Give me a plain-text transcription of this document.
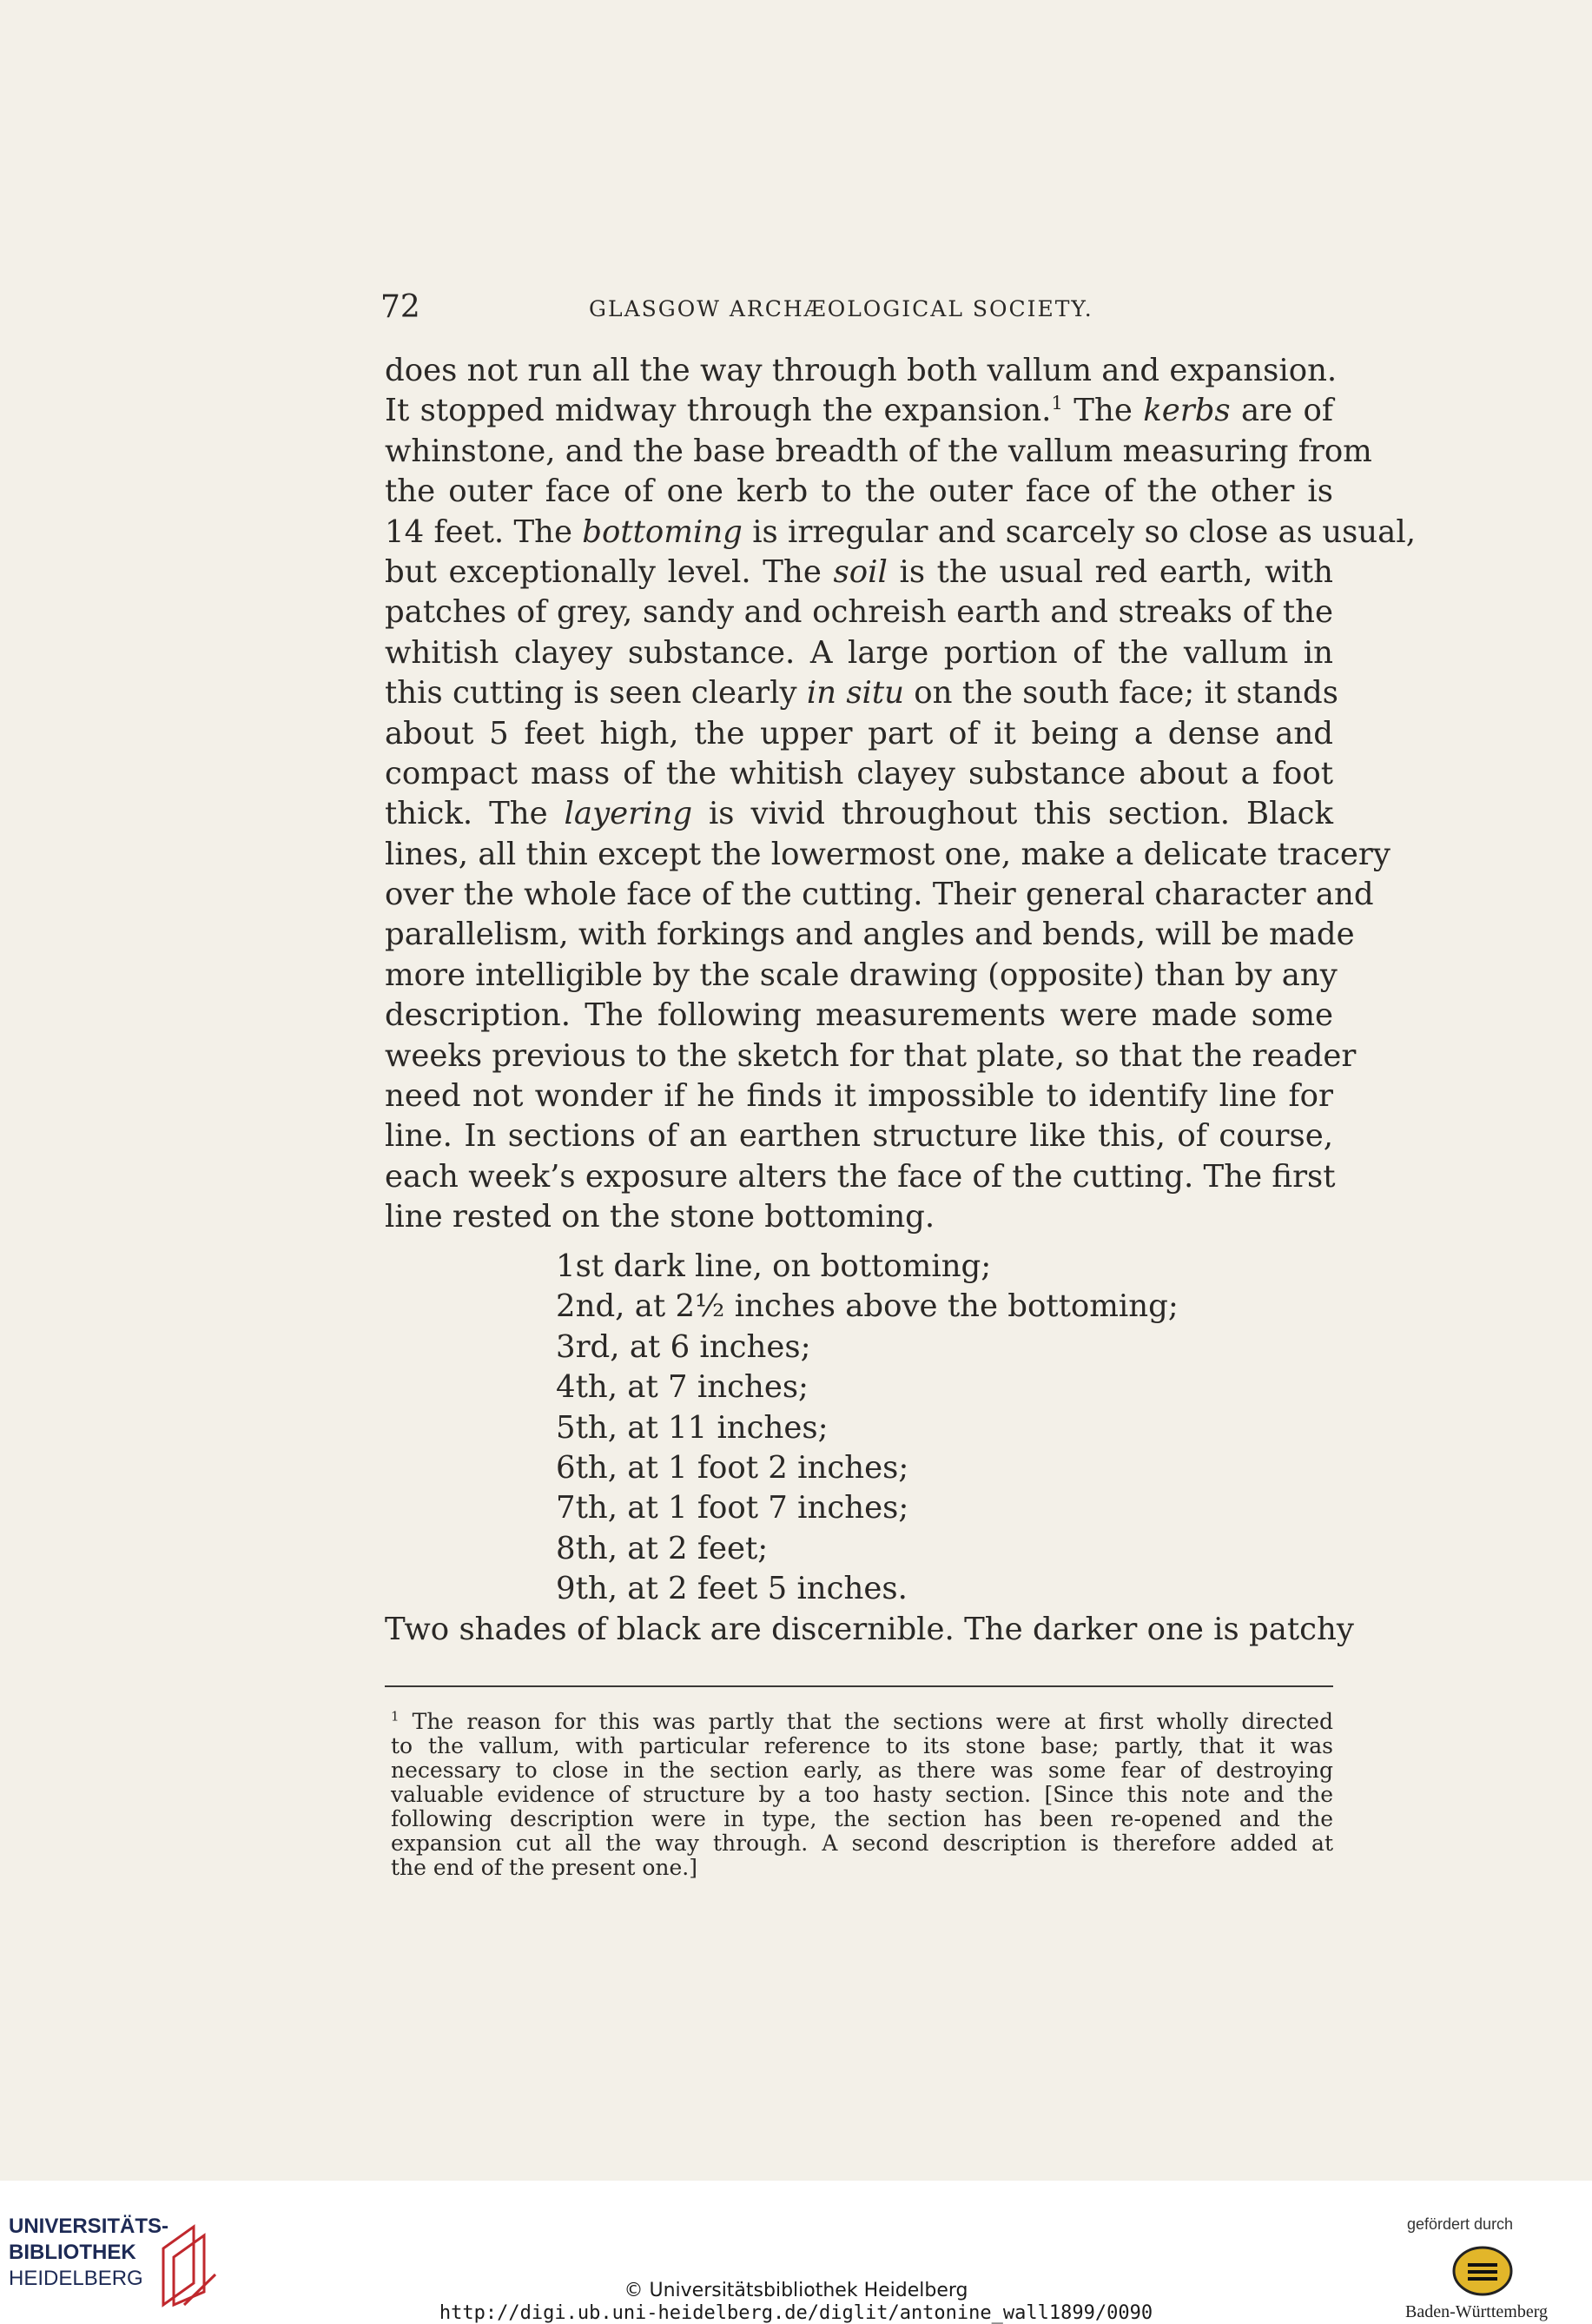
72	GLASGOW ARCHÆOLOGICAL SOCIETY.
does not run all the way through both vallum and expansion.
It stopped midway through the expansion.$^1$ The kerbs are of
whinstone, and the base breadth of the vallum measuring from
the outer face of one kerb to the outer face of the other is
14 feet. The bottoming is irregular and scarcely so close as usual,
but exceptionally level. The soil is the usual red earth, with
patches of grey, sandy and ochreish earth and streaks of the
whitish clayey substance. A large portion of the vallum in
this cutting is seen clearly in situ on the south face; it stands
about 5 feet high, the upper part of it being a dense and
compact mass of the whitish clayey substance about a foot
thick. The layering is vivid throughout this section. Black
lines, all thin except the lowermost one, make a delicate tracery
over the whole face of the cutting. Their general character and
parallelism, with forkings and angles and bends, will be made
more intelligible by the scale drawing (opposite) than by any
description. The following measurements were made some
weeks previous to the sketch for that plate, so that the reader
need not wonder if he finds it impossible to identify line for
line. In sections of an earthen structure like this, of course,
each week’s exposure alters the face of the cutting. The first
line rested on the stone bottoming.
1st dark line, on bottoming;
2nd, at 2½ inches above the bottoming;
3rd, at 6 inches;
4th, at 7 inches;
5th, at 11 inches;
6th, at 1 foot 2 inches;
7th, at 1 foot 7 inches;
8th, at 2 feet;
9th, at 2 feet 5 inches.
Two shades of black are discernible. The darker one is patchy
$^1$ The reason for this was partly that the sections were at first wholly directed
to the vallum, with particular reference to its stone base; partly, that it was
necessary to close in the section early, as there was some fear of destroying
valuable evidence of structure by a too hasty section. [Since this note and the
following description were in type, the section has been re-opened and the
expansion cut all the way through. A second description is therefore added at
the end of the present one.]
UNIVERSITÄTS-
BIBLIOTHEK
HEIDELBERG
© Universitätsbibliothek Heidelberg
http://digi.ub.uni-heidelberg.de/diglit/antonine_wall1899/0090
gefördert durch
Baden-Württemberg
